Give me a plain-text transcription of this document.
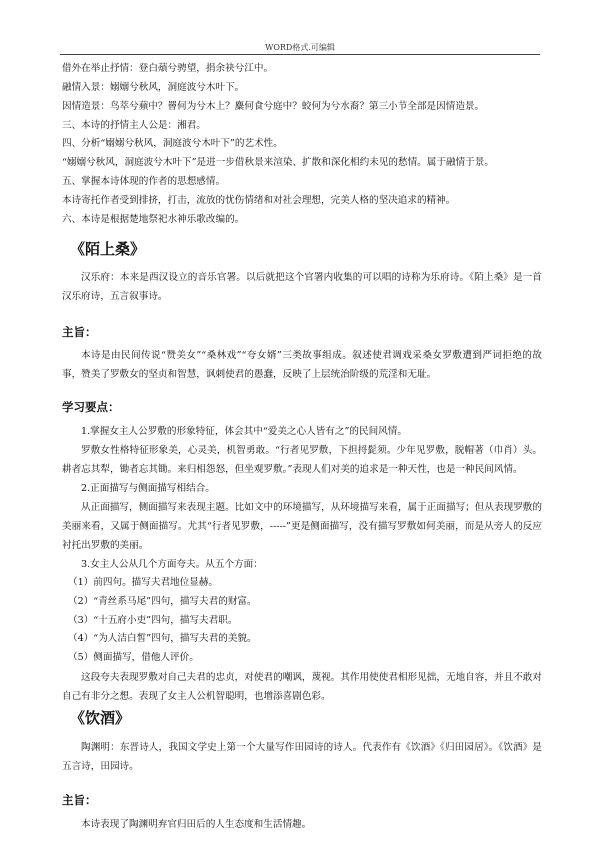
WORD格式.可编辑
借外在举止抒情：登白薠兮骋望，捐余袂兮江中。
融情入景：嫋嫋兮秋风，洞庭波兮木叶下。
因情造景：鸟萃兮蘋中？罾何为兮木上？麋何食兮庭中？蛟何为兮水裔？第三小节全部是因情造景。
三、本诗的抒情主人公是：湘君。
四、分析“嫋嫋兮秋风，洞庭波兮木叶下”的艺术性。
“嫋嫋兮秋风，洞庭波兮木叶下”是进一步借秋景来渲染、扩散和深化相约未见的愁情。属于融情于景。
五、掌握本诗体现的作者的思想感情。
本诗寄托作者受到排挤，打击，流放的忧伤情绪和对社会理想，完美人格的坚决追求的精神。
六、本诗是根据楚地祭祀水神乐歌改编的。
《陌上桑》
汉乐府：本来是西汉设立的音乐官署。以后就把这个官署内收集的可以唱的诗称为乐府诗。《陌上桑》是一首汉乐府诗，五言叙事诗。
主旨：
本诗是由民间传说“赞美女”“桑林戏”“夸女婿”三类故事组成。叙述使君调戏采桑女罗敷遭到严词拒绝的故事，赞美了罗敷女的坚贞和智慧，讽刺使君的愚蠢，反映了上层统治阶级的荒淫和无耻。
学习要点：
1.掌握女主人公罗敷的形象特征，体会其中“爱美之心人皆有之”的民间风情。
罗敷女性格特征形象美，心灵美，机智勇敢。“行者见罗敷，下担捋髭须。少年见罗敷，脱帽著（巾肖）头。耕者忘其犁，锄者忘其锄。来归相怨怒，但坐观罗敷。”表现人们对美的追求是一种天性，也是一种民间风情。
2.正面描写与侧面描写相结合。
从正面描写，侧面描写来表现主题。比如文中的环境描写，从环境描写来看，属于正面描写；但从表现罗敷的美丽来看，又属于侧面描写。尤其“行者见罗敷，-----”更是侧面描写，没有描写罗敷如何美丽，而是从旁人的反应衬托出罗敷的美丽。
3.女主人公从几个方面夸夫。从五个方面：
（1）前四句。描写夫君地位显赫。
（2）“青丝系马尾”四句，描写夫君的财富。
（3）“十五府小吏”四句，描写夫君职。
（4）“为人洁白皙”四句，描写夫君的美貌。
（5）侧面描写，借他人评价。
这段夸夫表现罗敷对自己夫君的忠贞，对使君的嘲讽，蔑视。其作用使使君相形见拙，无地自容，并且不敢对自己有非分之想。表现了女主人公机智聪明，也增添喜剧色彩。
《饮酒》
陶渊明：东晋诗人，我国文学史上第一个大量写作田园诗的诗人。代表作有《饮酒》《归田园居》。《饮酒》是五言诗，田园诗。
主旨：
本诗表现了陶渊明弃官归田后的人生态度和生活情趣。
